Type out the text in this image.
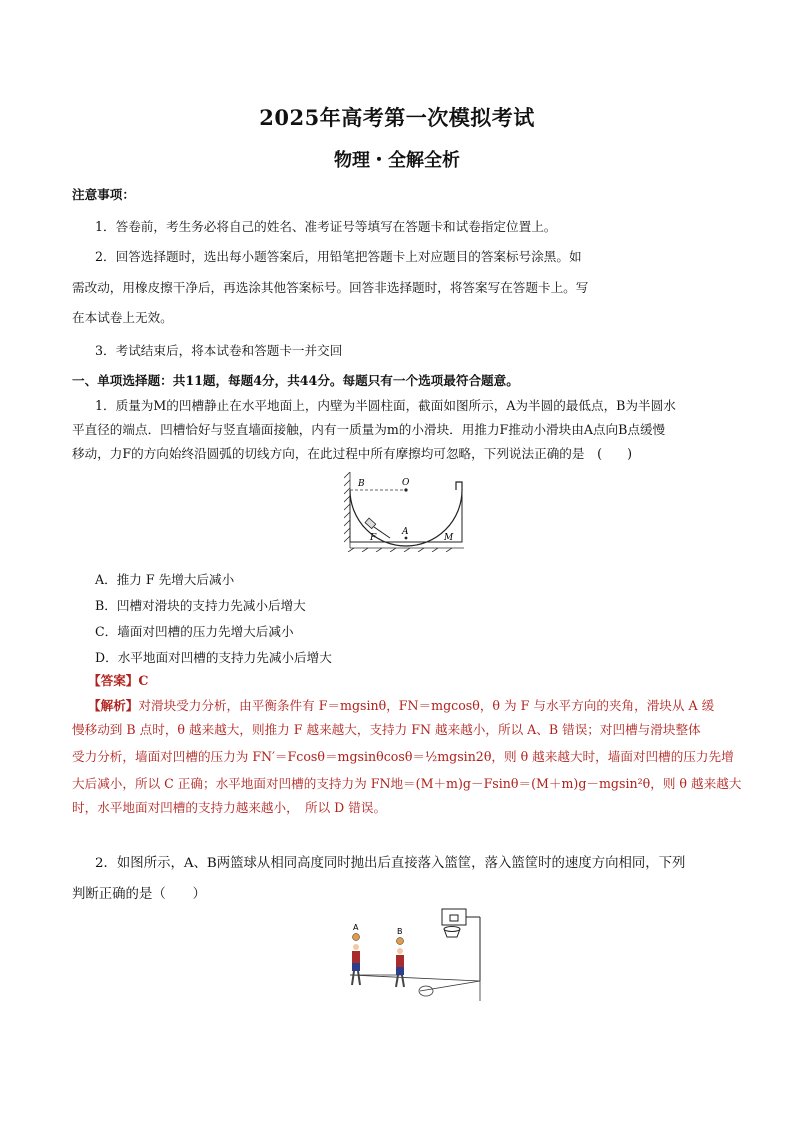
2025年高考第一次模拟考试
物理・全解全析
注意事项：
1．答卷前，考生务必将自己的姓名、准考证号等填写在答题卡和试卷指定位置上。
2．回答选择题时，选出每小题答案后，用铅笔把答题卡上对应题目的答案标号涂黑。如
需改动，用橡皮擦干净后，再选涂其他答案标号。回答非选择题时，将答案写在答题卡上。写
在本试卷上无效。
3．考试结束后，将本试卷和答题卡一并交回
一、单项选择题：共11题，每题4分，共44分。每题只有一个选项最符合题意。
1．质量为M的凹槽静止在水平地面上，内壁为半圆柱面，截面如图所示，A为半圆的最低点，B为半圆水
平直径的端点．凹槽恰好与竖直墙面接触，内有一质量为m的小滑块．用推力F推动小滑块由A点向B点缓慢
移动，力F的方向始终沿圆弧的切线方向，在此过程中所有摩擦均可忽略，下列说法正确的是　(　　)
B	O
A
F	M
A．推力 F 先增大后减小
B．凹槽对滑块的支持力先减小后增大
C．墙面对凹槽的压力先增大后减小
D．水平地面对凹槽的支持力先减小后增大
【答案】C
【解析】对滑块受力分析，由平衡条件有 F＝mgsinθ，FN＝mgcosθ，θ 为 F 与水平方向的夹角，滑块从 A 缓
慢移动到 B 点时，θ 越来越大，则推力 F 越来越大，支持力 FN 越来越小，所以 A、B 错误；对凹槽与滑块整体
受力分析，墙面对凹槽的压力为 FN′＝Fcosθ＝mgsinθcosθ＝½mgsin2θ，则 θ 越来越大时，墙面对凹槽的压力先增
大后减小，所以 C 正确；水平地面对凹槽的支持力为 FN地＝(M＋m)g－Fsinθ＝(M＋m)g－mgsin²θ，则 θ 越来越大
时，水平地面对凹槽的支持力越来越小，　所以 D 错误。
2．如图所示，A、B两篮球从相同高度同时抛出后直接落入篮筐，落入篮筐时的速度方向相同，下列
判断正确的是（　　）
A	B
